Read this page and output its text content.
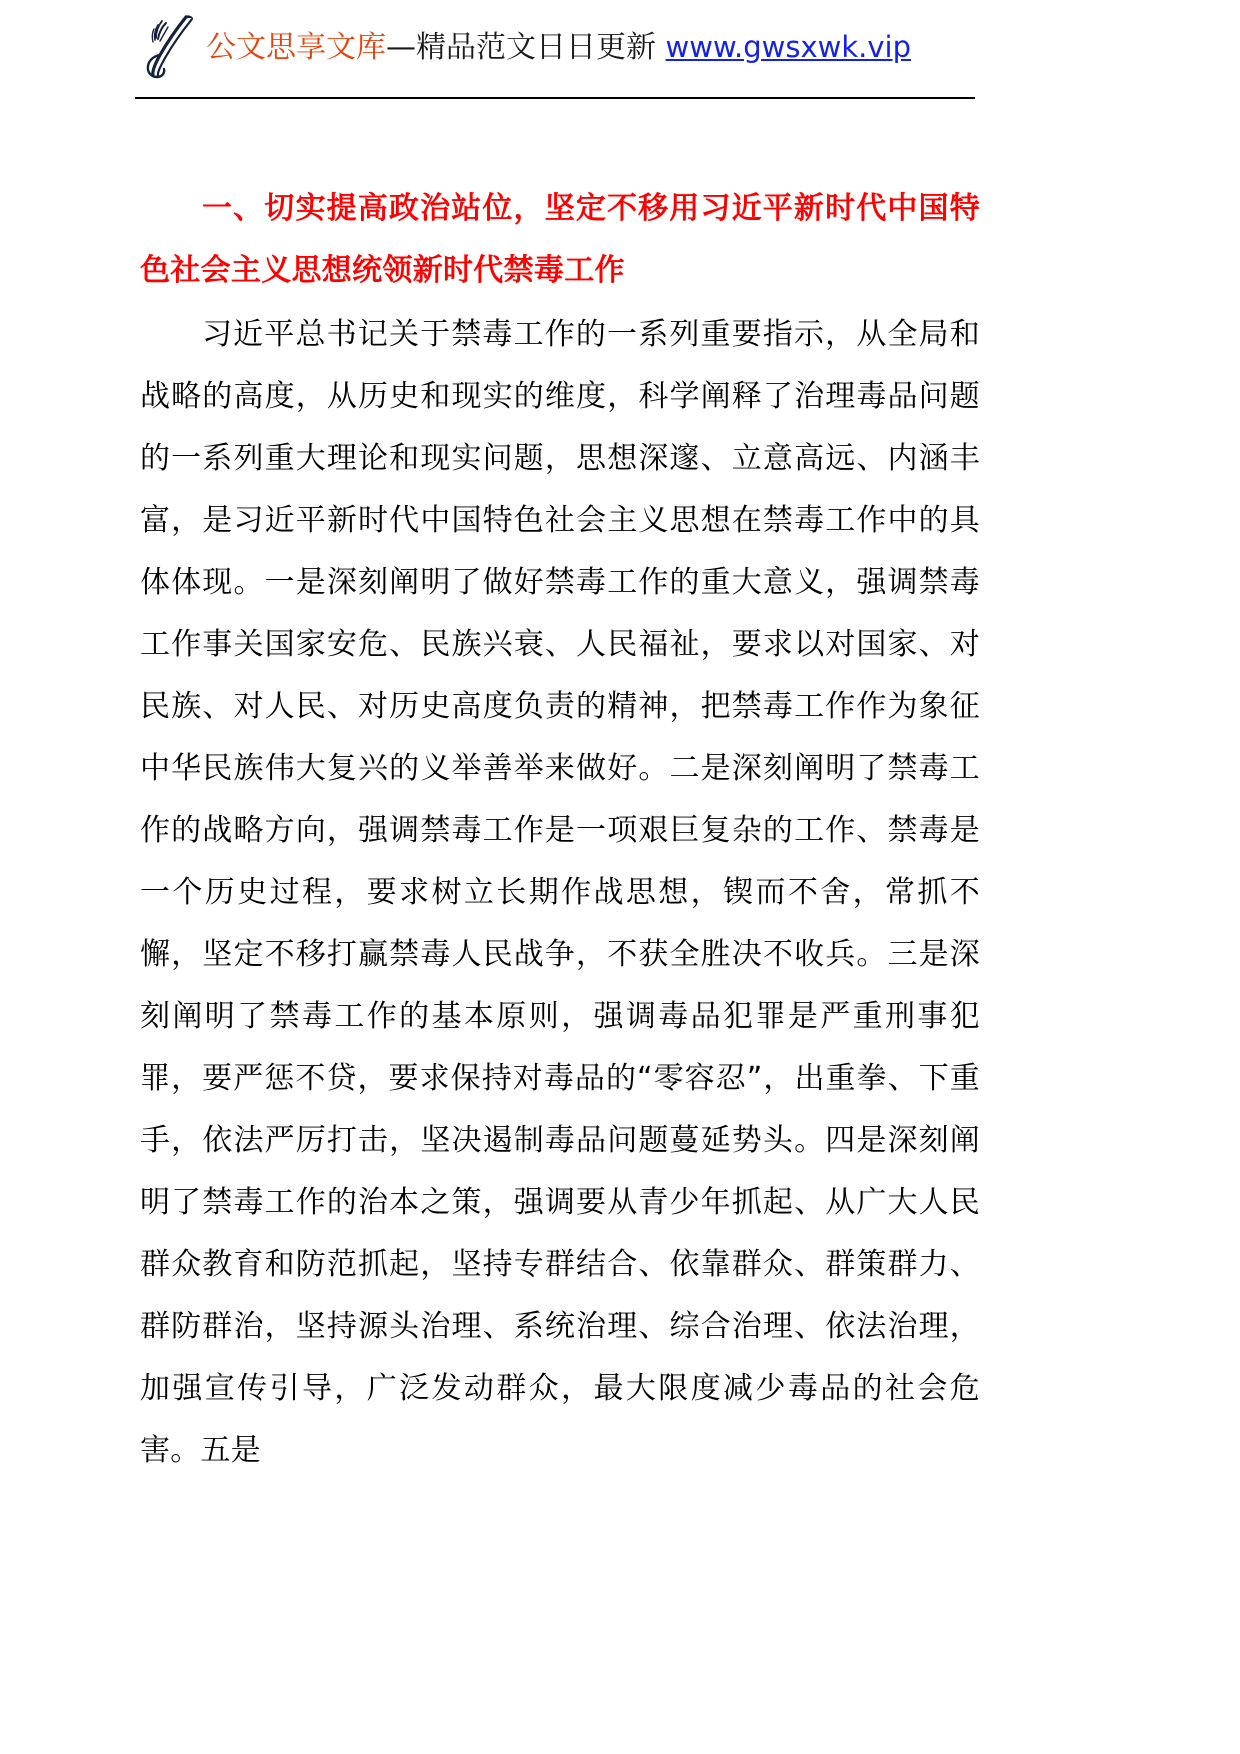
公文思享文库—精品范文日日更新 www.gwsxwk.vip

一、切实提高政治站位，坚定不移用习近平新时代中国特色社会主义思想统领新时代禁毒工作

习近平总书记关于禁毒工作的一系列重要指示，从全局和战略的高度，从历史和现实的维度，科学阐释了治理毒品问题的一系列重大理论和现实问题，思想深邃、立意高远、内涵丰富，是习近平新时代中国特色社会主义思想在禁毒工作中的具体体现。一是深刻阐明了做好禁毒工作的重大意义，强调禁毒工作事关国家安危、民族兴衰、人民福祉，要求以对国家、对民族、对人民、对历史高度负责的精神，把禁毒工作作为象征中华民族伟大复兴的义举善举来做好。二是深刻阐明了禁毒工作的战略方向，强调禁毒工作是一项艰巨复杂的工作、禁毒是一个历史过程，要求树立长期作战思想，锲而不舍，常抓不懈，坚定不移打赢禁毒人民战争，不获全胜决不收兵。三是深刻阐明了禁毒工作的基本原则，强调毒品犯罪是严重刑事犯罪，要严惩不贷，要求保持对毒品的“零容忍”，出重拳、下重手，依法严厉打击，坚决遏制毒品问题蔓延势头。四是深刻阐明了禁毒工作的治本之策，强调要从青少年抓起、从广大人民群众教育和防范抓起，坚持专群结合、依靠群众、群策群力、群防群治，坚持源头治理、系统治理、综合治理、依法治理，加强宣传引导，广泛发动群众，最大限度减少毒品的社会危害。五是
